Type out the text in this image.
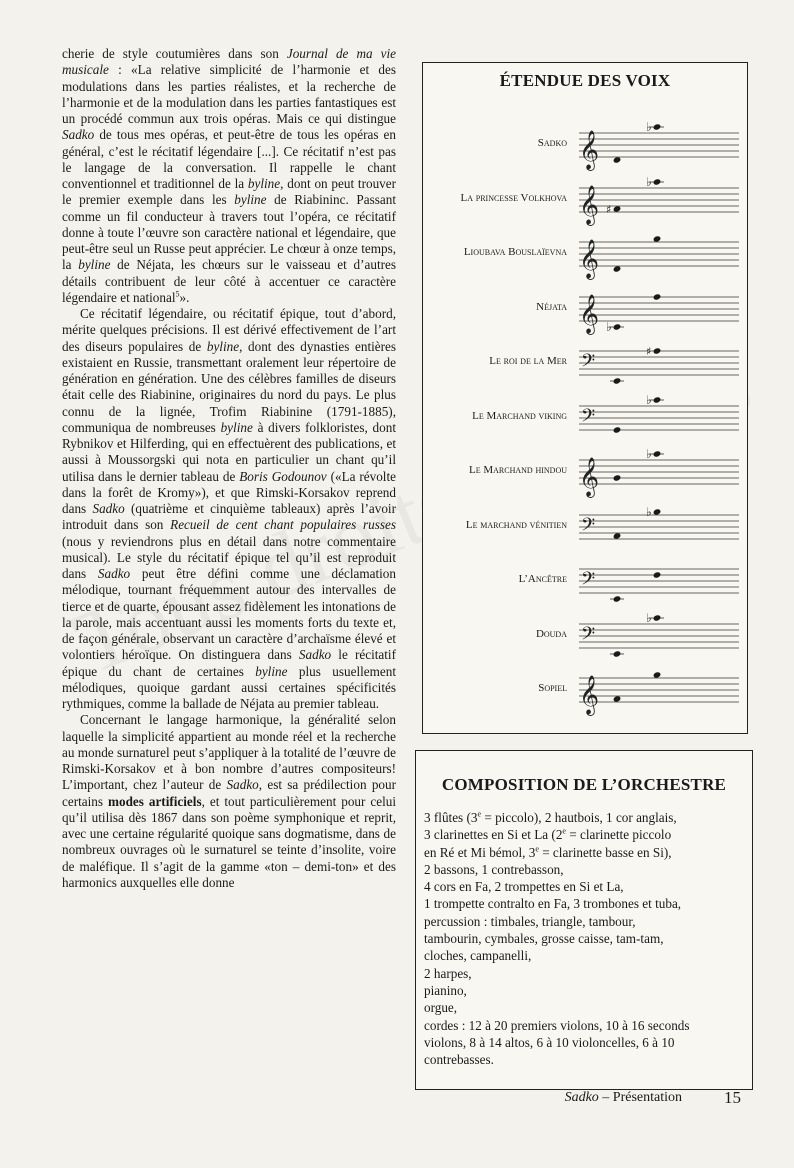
cherie de style coutumières dans son Journal de ma vie musicale : «La relative simplicité de l’harmonie et des modulations dans les parties réalistes, et la recherche de l’harmonie et de la modulation dans les parties fantastiques est un procédé commun aux trois opéras. Mais ce qui distingue Sadko de tous mes opéras, et peut-être de tous les opéras en général, c’est le récitatif légendaire [...]. Ce récitatif n’est pas le langage de la conversation. Il rappelle le chant conventionnel et traditionnel de la byline, dont on peut trouver le premier exemple dans les byline de Riabininc. Passant comme un fil conducteur à travers tout l’opéra, ce récitatif donne à toute l’œuvre son caractère national et légendaire, que peut-être seul un Russe peut apprécier. Le chœur à onze temps, la byline de Néjata, les chœurs sur le vaisseau et d’autres détails contribuent de leur côté à accentuer ce caractère légendaire et national$^5$».

Ce récitatif légendaire, ou récitatif épique, tout d’abord, mérite quelques précisions. Il est dérivé effectivement de l’art des diseurs populaires de byline, dont des dynasties entières existaient en Russie, transmettant oralement leur répertoire de génération en génération. Une des célèbres familles de diseurs était celle des Riabinine, originaires du nord du pays. Le plus connu de la lignée, Trofim Riabinine (1791-1885), communiqua de nombreuses byline à divers folkloristes, dont Rybnikov et Hilferding, qui en effectuèrent des publications, et aussi à Moussorgski qui nota en particulier un chant qu’il utilisa dans le dernier tableau de Boris Godounov («La révolte dans la forêt de Kromy»), et que Rimski-Korsakov reprend dans Sadko (quatrième et cinquième tableaux) après l’avoir introduit dans son Recueil de cent chant populaires russes (nous y reviendrons plus en détail dans notre commentaire musical). Le style du récitatif épique tel qu’il est reproduit dans Sadko peut être défini comme une déclamation mélodique, tournant fréquemment autour des intervalles de tierce et de quarte, épousant assez fidèlement les intonations de la parole, mais accentuant aussi les moments forts du texte et, de façon générale, observant un caractère d’archaïsme élevé et volontiers héroïque. On distinguera dans Sadko le récitatif épique du chant de certaines byline plus usuellement mélodiques, quoique gardant aussi certaines spécificités rythmiques, comme la ballade de Néjata au premier tableau.

Concernant le langage harmonique, la généralité selon laquelle la simplicité appartient au monde réel et la recherche au monde surnaturel peut s’appliquer à la totalité de l’œuvre de Rimski-Korsakov et à bon nombre d’autres compositeurs! L’important, chez l’auteur de Sadko, est sa prédilection pour certains modes artificiels, et tout particulièrement pour celui qu’il utilisa dès 1867 dans son poème symphonique et reprit, avec une certaine régularité quoique sans dogmatisme, dans de nombreux ouvrages où le surnaturel se teinte d’insolite, voire de maléfique. Il s’agit de la gamme «ton – demi-ton» et des harmonics auxquelles elle donne

ÉTENDUE DES VOIX
Sadko 𝄞
♭
La princesse Volkhova 𝄞 ♯
♭
Lioubava Bouslaïevna 𝄞
Néjata 𝄞 ♭
Le roi de la Mer 𝄢	♯
Le Marchand viking 𝄢
♭
Le Marchand hindou 𝄞
♭
Le marchand vénitien 𝄢
♭
L’Ancêtre 𝄢
Douda 𝄢
♭
Sopiel 𝄞
COMPOSITION DE L’ORCHESTRE
3 flûtes ($3^e$ = piccolo), 2 hautbois, 1 cor anglais,
3 clarinettes en Si et La ($2^e$ = clarinette piccolo
en Ré et Mi bémol, $3^e$ = clarinette basse en Si),
2 bassons, 1 contrebasson,
4 cors en Fa, 2 trompettes en Si et La,
1 trompette contralto en Fa, 3 trombones et tuba,
percussion : timbales, triangle, tambour,
tambourin, cymbales, grosse caisse, tam-tam,
cloches, campanelli,
2 harpes,
pianino,
orgue,
cordes : 12 à 20 premiers violons, 10 à 16 seconds
violons, 8 à 14 altos, 6 à 10 violoncelles, 6 à 10
contrebasses.
Sadko – Présentation 15
